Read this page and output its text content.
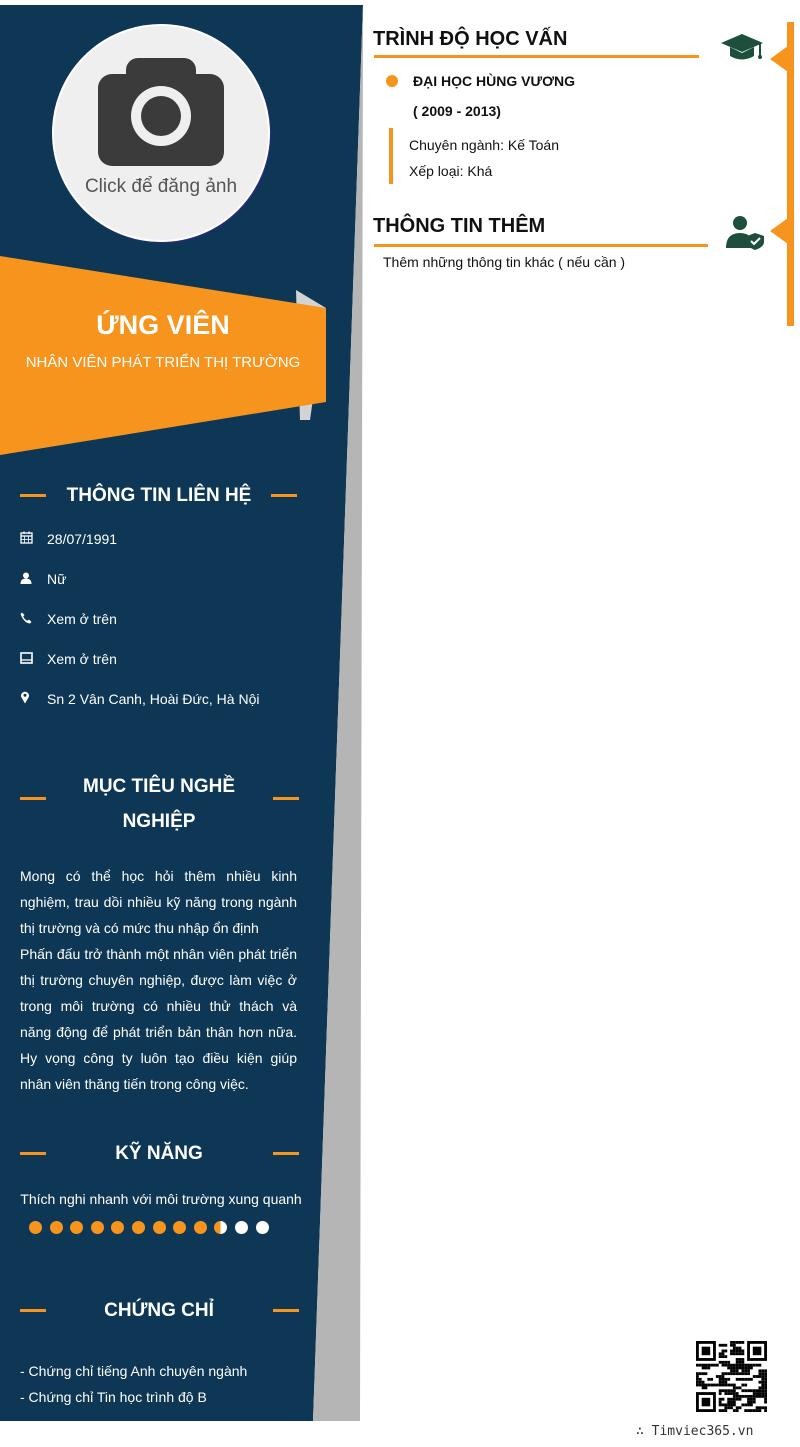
Click để đăng ảnh
ỨNG VIÊN
NHÂN VIÊN PHÁT TRIỂN THỊ TRƯỜNG
THÔNG TIN LIÊN HỆ
28/07/1991
Nữ
Xem ở trên
Xem ở trên
Sn 2 Vân Canh, Hoài Đức, Hà Nội
MỤC TIÊU NGHỀ
NGHIỆP
Mong có thể học hỏi thêm nhiều kinh nghiệm, trau dồi nhiều kỹ năng trong ngành thị trường và có mức thu nhập ổn định
Phấn đấu trở thành một nhân viên phát triển thị trường chuyên nghiệp, được làm việc ở trong môi trường có nhiều thử thách và năng động để phát triển bản thân hơn nữa. Hy vọng công ty luôn tạo điều kiện giúp nhân viên thăng tiến trong công việc.
KỸ NĂNG
Thích nghi nhanh với môi trường xung quanh
CHỨNG CHỈ
- Chứng chỉ tiếng Anh chuyên ngành
- Chứng chỉ Tin học trình độ B
TRÌNH ĐỘ HỌC VẤN
ĐẠI HỌC HÙNG VƯƠNG
( 2009 - 2013)
Chuyên ngành: Kế Toán
Xếp loại: Khá
THÔNG TIN THÊM
Thêm những thông tin khác ( nếu cần )
∴ Timviec365.vn
